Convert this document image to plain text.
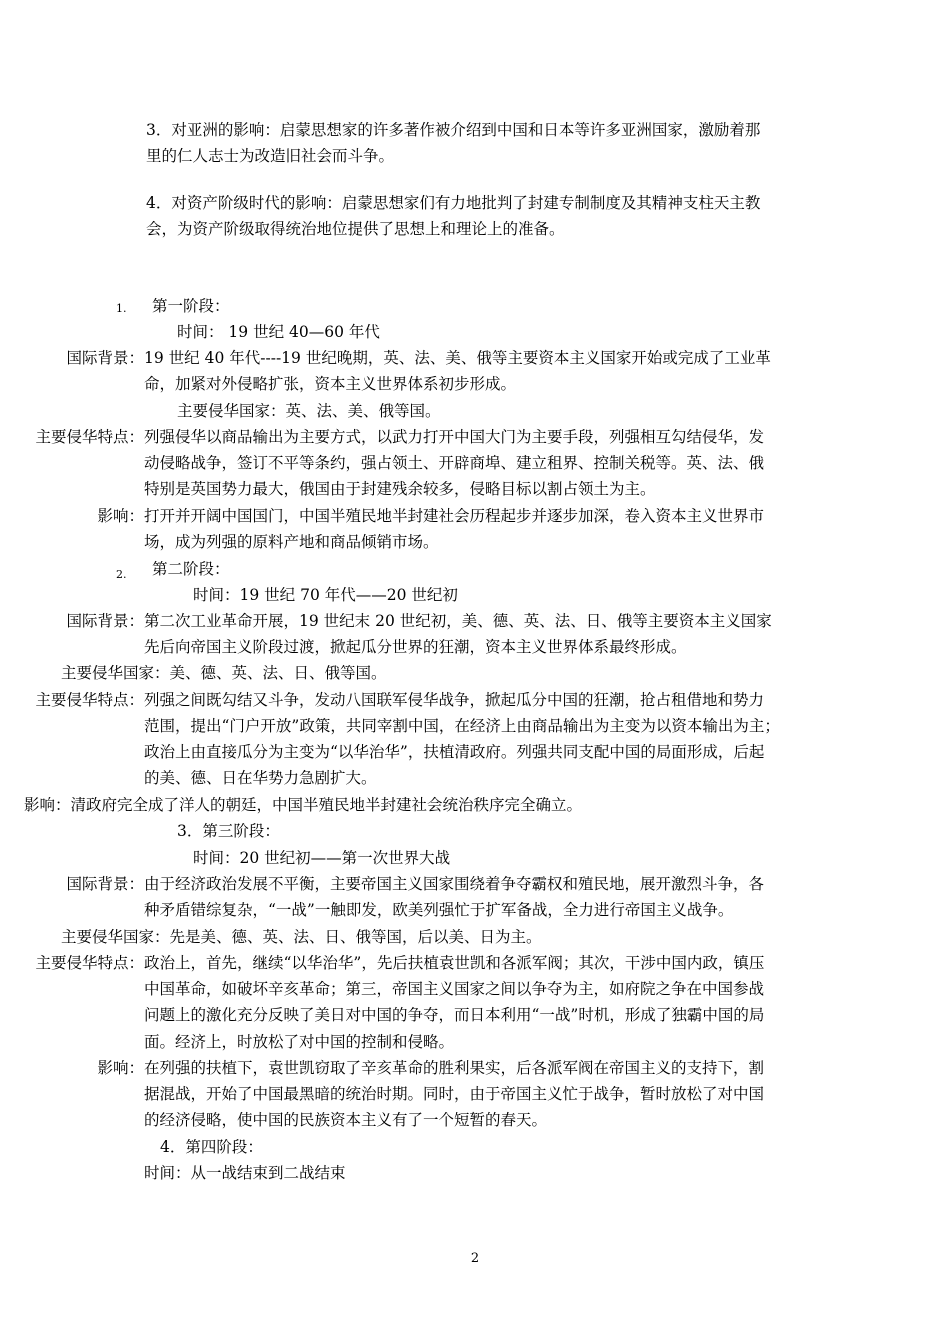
3．对亚洲的影响：启蒙思想家的许多著作被介绍到中国和日本等许多亚洲国家，激励着那
里的仁人志士为改造旧社会而斗争。
4．对资产阶级时代的影响：启蒙思想家们有力地批判了封建专制制度及其精神支柱天主教
会，为资产阶级取得统治地位提供了思想上和理论上的准备。
1. 第一阶段：
时间： 19 世纪 40—60 年代
国际背景： 19 世纪 40 年代----19 世纪晚期，英、法、美、俄等主要资本主义国家开始或完成了工业革
命，加紧对外侵略扩张，资本主义世界体系初步形成。
主要侵华国家：英、法、美、俄等国。
主要侵华特点： 列强侵华以商品输出为主要方式，以武力打开中国大门为主要手段，列强相互勾结侵华，发
动侵略战争，签订不平等条约，强占领土、开辟商埠、建立租界、控制关税等。英、法、俄
特别是英国势力最大，俄国由于封建残余较多，侵略目标以割占领土为主。
影响： 打开并开阔中国国门，中国半殖民地半封建社会历程起步并逐步加深，卷入资本主义世界市
场，成为列强的原料产地和商品倾销市场。
2. 第二阶段：
时间：19 世纪 70 年代——20 世纪初
国际背景： 第二次工业革命开展，19 世纪末 20 世纪初，美、德、英、法、日、俄等主要资本主义国家
先后向帝国主义阶段过渡，掀起瓜分世界的狂潮，资本主义世界体系最终形成。
主要侵华国家：美、德、英、法、日、俄等国。
主要侵华特点： 列强之间既勾结又斗争，发动八国联军侵华战争，掀起瓜分中国的狂潮，抢占租借地和势力
范围，提出“门户开放”政策，共同宰割中国，在经济上由商品输出为主变为以资本输出为主；
政治上由直接瓜分为主变为“以华治华”，扶植清政府。列强共同支配中国的局面形成，后起
的美、德、日在华势力急剧扩大。
影响：清政府完全成了洋人的朝廷，中国半殖民地半封建社会统治秩序完全确立。
3．第三阶段：
时间：20 世纪初——第一次世界大战
国际背景： 由于经济政治发展不平衡，主要帝国主义国家围绕着争夺霸权和殖民地，展开激烈斗争，各
种矛盾错综复杂，“一战”一触即发，欧美列强忙于扩军备战，全力进行帝国主义战争。
主要侵华国家：先是美、德、英、法、日、俄等国，后以美、日为主。
主要侵华特点： 政治上，首先，继续“以华治华”，先后扶植袁世凯和各派军阀；其次，干涉中国内政，镇压
中国革命，如破坏辛亥革命；第三，帝国主义国家之间以争夺为主，如府院之争在中国参战
问题上的激化充分反映了美日对中国的争夺，而日本利用“一战”时机，形成了独霸中国的局
面。经济上，时放松了对中国的控制和侵略。
影响： 在列强的扶植下，袁世凯窃取了辛亥革命的胜利果实，后各派军阀在帝国主义的支持下，割
据混战，开始了中国最黑暗的统治时期。同时，由于帝国主义忙于战争，暂时放松了对中国
的经济侵略，使中国的民族资本主义有了一个短暂的春天。
4．第四阶段：
时间：从一战结束到二战结束
2
